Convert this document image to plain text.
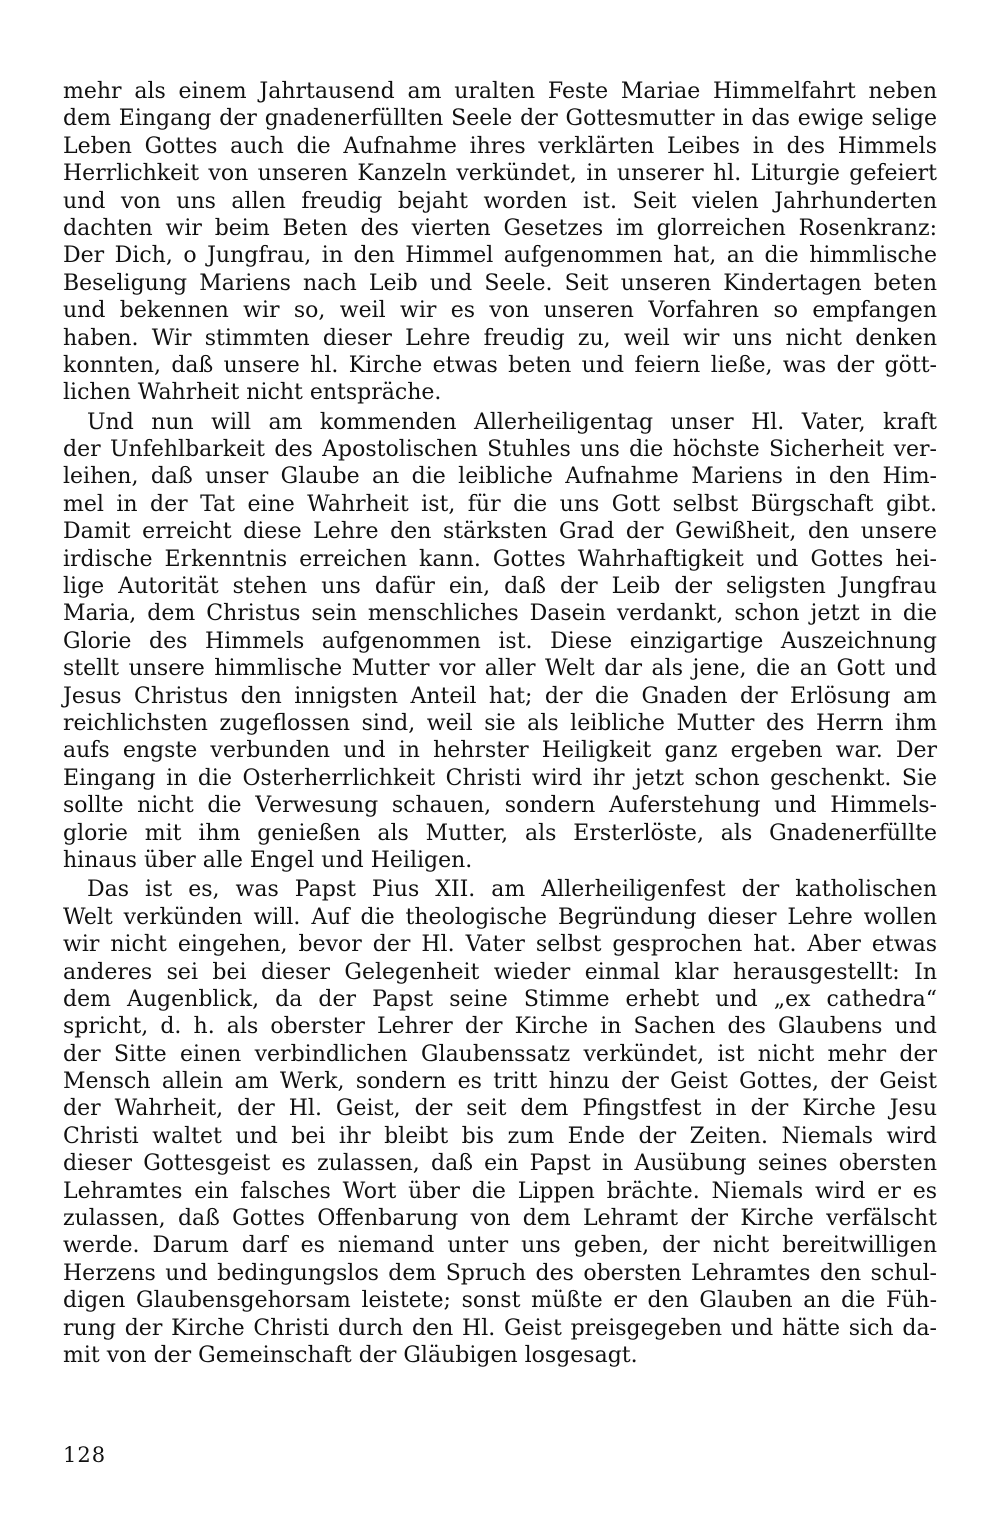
mehr als einem Jahrtausend am uralten Feste Mariae Himmelfahrt neben
dem Eingang der gnadenerfüllten Seele der Gottesmutter in das ewige selige
Leben Gottes auch die Aufnahme ihres verklärten Leibes in des Himmels
Herrlichkeit von unseren Kanzeln verkündet, in unserer hl. Liturgie gefeiert
und von uns allen freudig bejaht worden ist. Seit vielen Jahrhunderten
dachten wir beim Beten des vierten Gesetzes im glorreichen Rosenkranz:
Der Dich, o Jungfrau, in den Himmel aufgenommen hat, an die himmlische
Beseligung Mariens nach Leib und Seele. Seit unseren Kindertagen beten
und bekennen wir so, weil wir es von unseren Vorfahren so empfangen
haben. Wir stimmten dieser Lehre freudig zu, weil wir uns nicht denken
konnten, daß unsere hl. Kirche etwas beten und feiern ließe, was der gött-
lichen Wahrheit nicht entspräche.
Und nun will am kommenden Allerheiligentag unser Hl. Vater, kraft
der Unfehlbarkeit des Apostolischen Stuhles uns die höchste Sicherheit ver-
leihen, daß unser Glaube an die leibliche Aufnahme Mariens in den Him-
mel in der Tat eine Wahrheit ist, für die uns Gott selbst Bürgschaft gibt.
Damit erreicht diese Lehre den stärksten Grad der Gewißheit, den unsere
irdische Erkenntnis erreichen kann. Gottes Wahrhaftigkeit und Gottes hei-
lige Autorität stehen uns dafür ein, daß der Leib der seligsten Jungfrau
Maria, dem Christus sein menschliches Dasein verdankt, schon jetzt in die
Glorie des Himmels aufgenommen ist. Diese einzigartige Auszeichnung
stellt unsere himmlische Mutter vor aller Welt dar als jene, die an Gott und
Jesus Christus den innigsten Anteil hat; der die Gnaden der Erlösung am
reichlichsten zugeflossen sind, weil sie als leibliche Mutter des Herrn ihm
aufs engste verbunden und in hehrster Heiligkeit ganz ergeben war. Der
Eingang in die Osterherrlichkeit Christi wird ihr jetzt schon geschenkt. Sie
sollte nicht die Verwesung schauen, sondern Auferstehung und Himmels-
glorie mit ihm genießen als Mutter, als Ersterlöste, als Gnadenerfüllte
hinaus über alle Engel und Heiligen.
Das ist es, was Papst Pius XII. am Allerheiligenfest der katholischen
Welt verkünden will. Auf die theologische Begründung dieser Lehre wollen
wir nicht eingehen, bevor der Hl. Vater selbst gesprochen hat. Aber etwas
anderes sei bei dieser Gelegenheit wieder einmal klar herausgestellt: In
dem Augenblick, da der Papst seine Stimme erhebt und „ex cathedra“
spricht, d. h. als oberster Lehrer der Kirche in Sachen des Glaubens und
der Sitte einen verbindlichen Glaubenssatz verkündet, ist nicht mehr der
Mensch allein am Werk, sondern es tritt hinzu der Geist Gottes, der Geist
der Wahrheit, der Hl. Geist, der seit dem Pfingstfest in der Kirche Jesu
Christi waltet und bei ihr bleibt bis zum Ende der Zeiten. Niemals wird
dieser Gottesgeist es zulassen, daß ein Papst in Ausübung seines obersten
Lehramtes ein falsches Wort über die Lippen brächte. Niemals wird er es
zulassen, daß Gottes Offenbarung von dem Lehramt der Kirche verfälscht
werde. Darum darf es niemand unter uns geben, der nicht bereitwilligen
Herzens und bedingungslos dem Spruch des obersten Lehramtes den schul-
digen Glaubensgehorsam leistete; sonst müßte er den Glauben an die Füh-
rung der Kirche Christi durch den Hl. Geist preisgegeben und hätte sich da-
mit von der Gemeinschaft der Gläubigen losgesagt.
128
